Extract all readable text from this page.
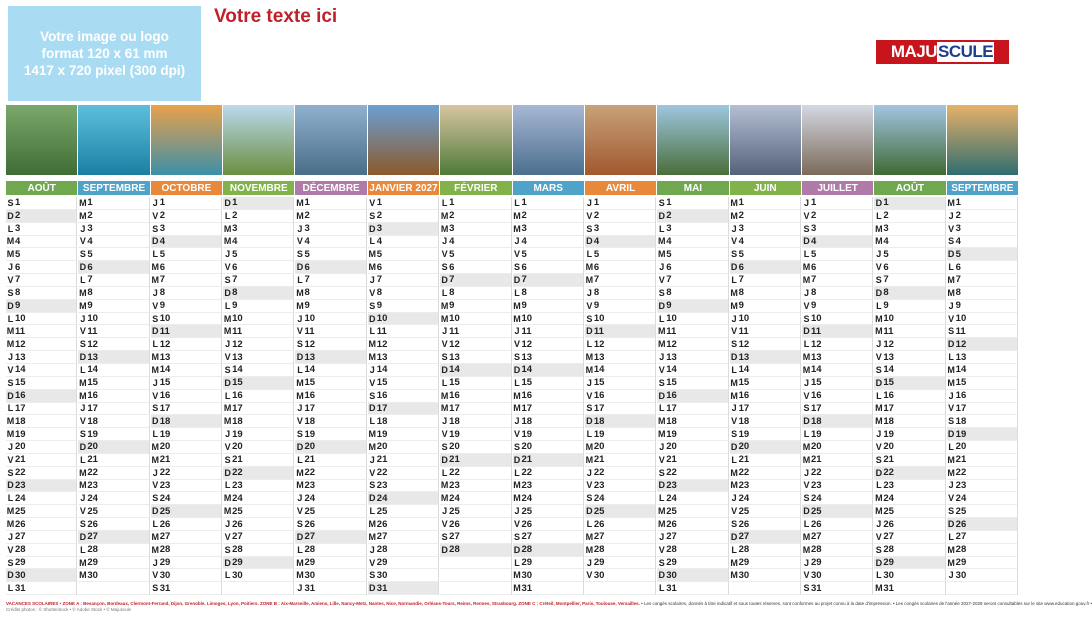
Votre image ou logo
format 120 x 61 mm
1417 x 720 pixel (300 dpi)
Votre texte ici
MAJU SCULE
AOÛT
S 1
D 2
L 3
M 4
M 5
J 6
V 7
S 8
D 9
L 10
M 11
M 12
J 13
V 14
S 15
D 16
L 17
M 18
M 19
J 20
V 21
S 22
D 23
L 24
M 25
M 26
J 27
V 28
S 29
D 30
L 31
SEPTEMBRE
M 1
M 2
J 3
V 4
S 5
D 6
L 7
M 8
M 9
J 10
V 11
S 12
D 13
L 14
M 15
M 16
J 17
V 18
S 19
D 20
L 21
M 22
M 23
J 24
V 25
S 26
D 27
L 28
M 29
M 30
OCTOBRE
J 1
V 2
S 3
D 4
L 5
M 6
M 7
J 8
V 9
S 10
D 11
L 12
M 13
M 14
J 15
V 16
S 17
D 18
L 19
M 20
M 21
J 22
V 23
S 24
D 25
L 26
M 27
M 28
J 29
V 30
S 31
NOVEMBRE
D 1
L 2
M 3
M 4
J 5
V 6
S 7
D 8
L 9
M 10
M 11
J 12
V 13
S 14
D 15
L 16
M 17
M 18
J 19
V 20
S 21
D 22
L 23
M 24
M 25
J 26
V 27
S 28
D 29
L 30
DÉCEMBRE
M 1
M 2
J 3
V 4
S 5
D 6
L 7
M 8
M 9
J 10
V 11
S 12
D 13
L 14
M 15
M 16
J 17
V 18
S 19
D 20
L 21
M 22
M 23
J 24
V 25
S 26
D 27
L 28
M 29
M 30
J 31
JANVIER 2027
V 1
S 2
D 3
L 4
M 5
M 6
J 7
V 8
S 9
D 10
L 11
M 12
M 13
J 14
V 15
S 16
D 17
L 18
M 19
M 20
J 21
V 22
S 23
D 24
L 25
M 26
M 27
J 28
V 29
S 30
D 31
FÉVRIER
L 1
M 2
M 3
J 4
V 5
S 6
D 7
L 8
M 9
M 10
J 11
V 12
S 13
D 14
L 15
M 16
M 17
J 18
V 19
S 20
D 21
L 22
M 23
M 24
J 25
V 26
S 27
D 28
MARS
L 1
M 2
M 3
J 4
V 5
S 6
D 7
L 8
M 9
M 10
J 11
V 12
S 13
D 14
L 15
M 16
M 17
J 18
V 19
S 20
D 21
L 22
M 23
M 24
J 25
V 26
S 27
D 28
L 29
M 30
M 31
AVRIL
J 1
V 2
S 3
D 4
L 5
M 6
M 7
J 8
V 9
S 10
D 11
L 12
M 13
M 14
J 15
V 16
S 17
D 18
L 19
M 20
M 21
J 22
V 23
S 24
D 25
L 26
M 27
M 28
J 29
V 30
MAI
S 1
D 2
L 3
M 4
M 5
J 6
V 7
S 8
D 9
L 10
M 11
M 12
J 13
V 14
S 15
D 16
L 17
M 18
M 19
J 20
V 21
S 22
D 23
L 24
M 25
M 26
J 27
V 28
S 29
D 30
L 31
JUIN
M 1
M 2
J 3
V 4
S 5
D 6
L 7
M 8
M 9
J 10
V 11
S 12
D 13
L 14
M 15
M 16
J 17
V 18
S 19
D 20
L 21
M 22
M 23
J 24
V 25
S 26
D 27
L 28
M 29
M 30
JUILLET
J 1
V 2
S 3
D 4
L 5
M 6
M 7
J 8
V 9
S 10
D 11
L 12
M 13
M 14
J 15
V 16
S 17
D 18
L 19
M 20
M 21
J 22
V 23
S 24
D 25
L 26
M 27
M 28
J 29
V 30
S 31
AOÛT
D 1
L 2
M 3
M 4
J 5
V 6
S 7
D 8
L 9
M 10
M 11
J 12
V 13
S 14
D 15
L 16
M 17
M 18
J 19
V 20
S 21
D 22
L 23
M 24
M 25
J 26
V 27
S 28
D 29
L 30
M 31
SEPTEMBRE
M 1
J 2
V 3
S 4
D 5
L 6
M 7
M 8
J 9
V 10
S 11
D 12
L 13
M 14
M 15
J 16
V 17
S 18
D 19
L 20
M 21
M 22
J 23
V 24
S 25
D 26
L 27
M 28
M 29
J 30
VACANCES SCOLAIRES • ZONE A : Besançon, Bordeaux, Clermont-Ferrand, Dijon, Grenoble, Limoges, Lyon, Poitiers. ZONE B : Aix-Marseille, Amiens, Lille, Nancy-Metz, Nantes, Nice, Normandie, Orléans-Tours, Reims, Rennes, Strasbourg. ZONE C : Créteil, Montpellier, Paris, Toulouse, Versailles. • Les congés scolaires, donnés à titre indicatif et sous toutes réserves, sont conformes au projet connu à la date d'impression. • Les congés scolaires de l'année 2027-2028 seront consultables sur le site www.education.gouv.fr •
Crédits photos : © Shutterstock • © Adobe Stock • © Majuscule
